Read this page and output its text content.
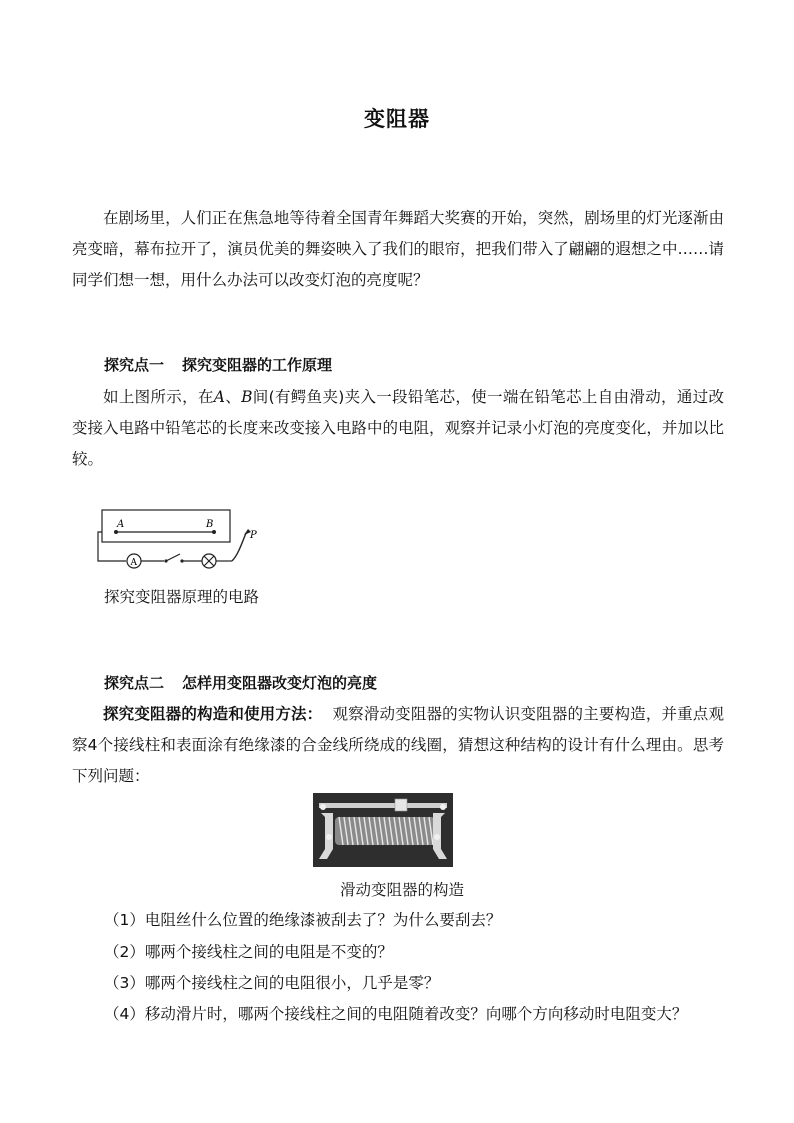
变阻器
在剧场里，人们正在焦急地等待着全国青年舞蹈大奖赛的开始，突然，剧场里的灯光逐渐由亮变暗，幕布拉开了，演员优美的舞姿映入了我们的眼帘，把我们带入了翩翩的遐想之中……请同学们想一想，用什么办法可以改变灯泡的亮度呢？
探究点一 探究变阻器的工作原理
如上图所示，在A、B间(有鳄鱼夹)夹入一段铅笔芯，使一端在铅笔芯上自由滑动，通过改变接入电路中铅笔芯的长度来改变接入电路中的电阻，观察并记录小灯泡的亮度变化，并加以比较。
A	B
A
P
探究变阻器原理的电路
探究点二 怎样用变阻器改变灯泡的亮度
探究变阻器的构造和使用方法： 观察滑动变阻器的实物认识变阻器的主要构造，并重点观察4个接线柱和表面涂有绝缘漆的合金线所绕成的线圈，猜想这种结构的设计有什么理由。思考下列问题：
滑动变阻器的构造
（1）电阻丝什么位置的绝缘漆被刮去了？为什么要刮去？
（2）哪两个接线柱之间的电阻是不变的？
（3）哪两个接线柱之间的电阻很小，几乎是零？
（4）移动滑片时，哪两个接线柱之间的电阻随着改变？向哪个方向移动时电阻变大？
